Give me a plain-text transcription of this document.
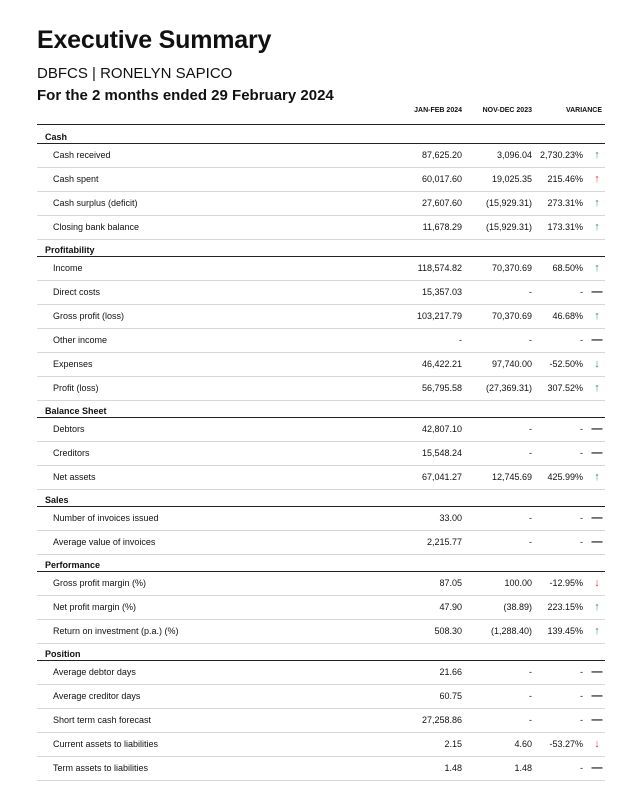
Executive Summary
DBFCS | RONELYN SAPICO
For the 2 months ended 29 February 2024
JAN-FEB 2024	NOV-DEC 2023	VARIANCE
Cash
Cash received	87,625.20	3,096.04 2,730.23% ↑
Cash spent	60,017.60	19,025.35 215.46% ↑
Cash surplus (deficit)	27,607.60	(15,929.31) 273.31% ↑
Closing bank balance	11,678.29	(15,929.31) 173.31% ↑
Profitability
Income	118,574.82	70,370.69 68.50% ↑
Direct costs	15,357.03	-	- —
Gross profit (loss)	103,217.79	70,370.69 46.68% ↑
Other income	-	-	- —
Expenses	46,422.21	97,740.00 -52.50% ↓
Profit (loss)	56,795.58	(27,369.31) 307.52% ↑
Balance Sheet
Debtors	42,807.10	-	- —
Creditors	15,548.24	-	- —
Net assets	67,041.27	12,745.69 425.99% ↑
Sales
Number of invoices issued	33.00	-	- —
Average value of invoices	2,215.77	-	- —
Performance
Gross profit margin (%)	87.05	100.00 -12.95% ↓
Net profit margin (%)	47.90	(38.89) 223.15% ↑
Return on investment (p.a.) (%)	508.30	(1,288.40) 139.45% ↑
Position
Average debtor days	21.66	-	- —
Average creditor days	60.75	-	- —
Short term cash forecast	27,258.86	-	- —
Current assets to liabilities	2.15	4.60 -53.27% ↓
Term assets to liabilities	1.48	1.48	- —
